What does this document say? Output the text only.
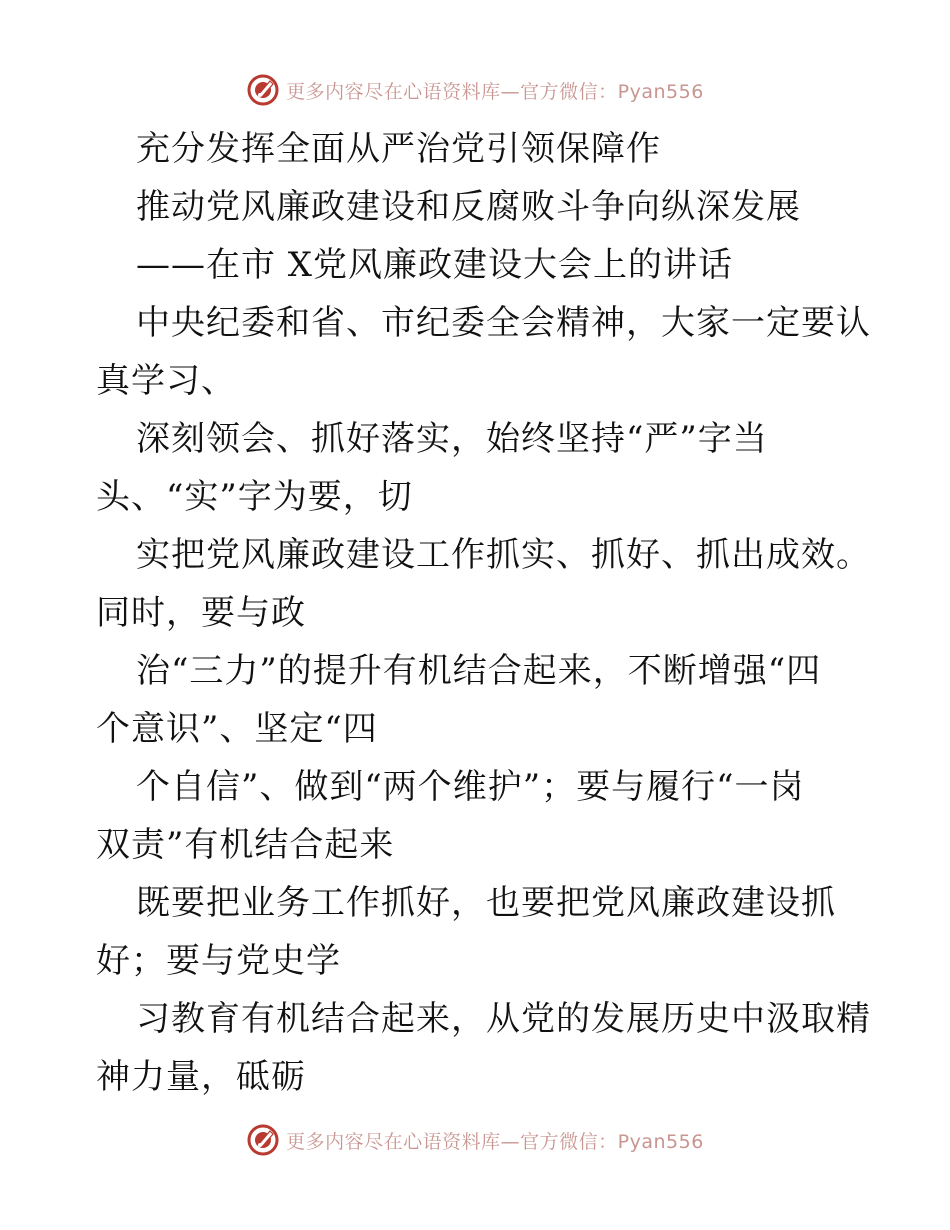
更多内容尽在心语资料库—官方微信：Pyan556
充分发挥全面从严治党引领保障作
推动党风廉政建设和反腐败斗争向纵深发展
——在市 X党风廉政建设大会上的讲话
中央纪委和省、市纪委全会精神，大家一定要认
真学习、
深刻领会、抓好落实，始终坚持“严”字当
头、“实”字为要，切
实把党风廉政建设工作抓实、抓好、抓出成效。
同时，要与政
治“三力”的提升有机结合起来，不断增强“四
个意识”、坚定“四
个自信”、做到“两个维护”；要与履行“一岗
双责”有机结合起来
既要把业务工作抓好，也要把党风廉政建设抓
好；要与党史学
习教育有机结合起来，从党的发展历史中汲取精
神力量，砥砺
更多内容尽在心语资料库—官方微信：Pyan556
